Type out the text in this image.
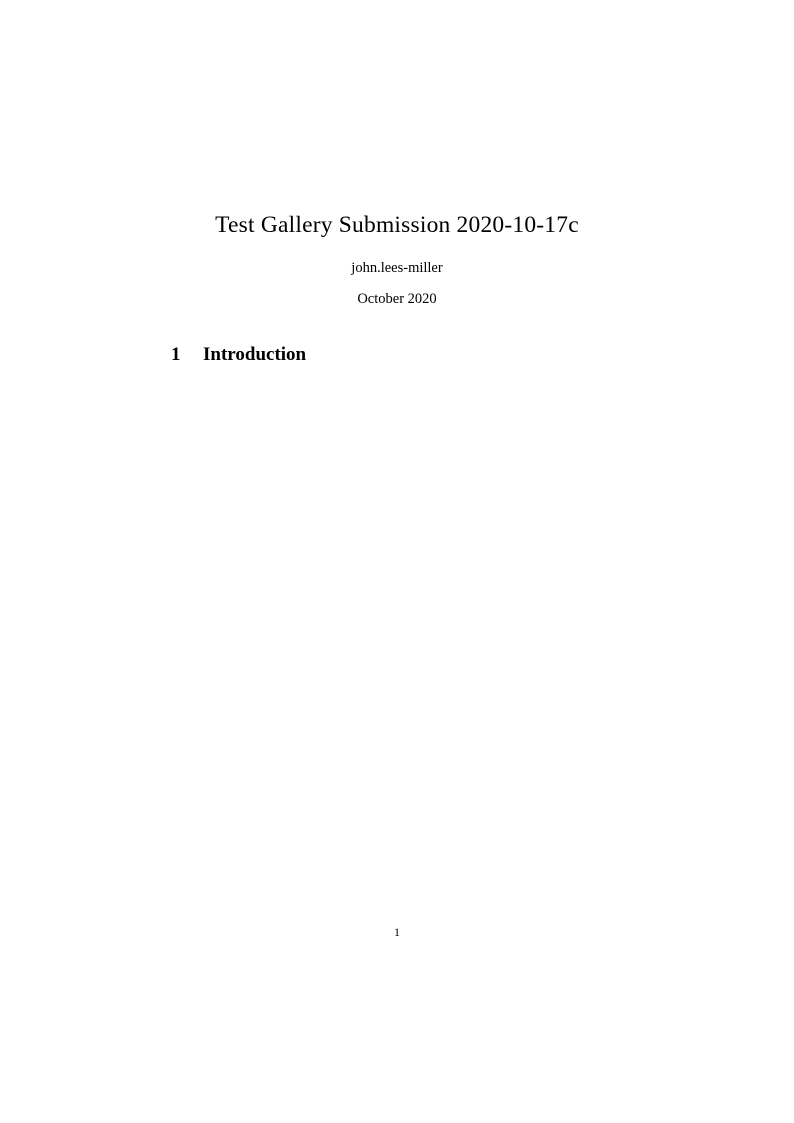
Test Gallery Submission 2020-10-17c
john.lees-miller
October 2020
1 Introduction
1
